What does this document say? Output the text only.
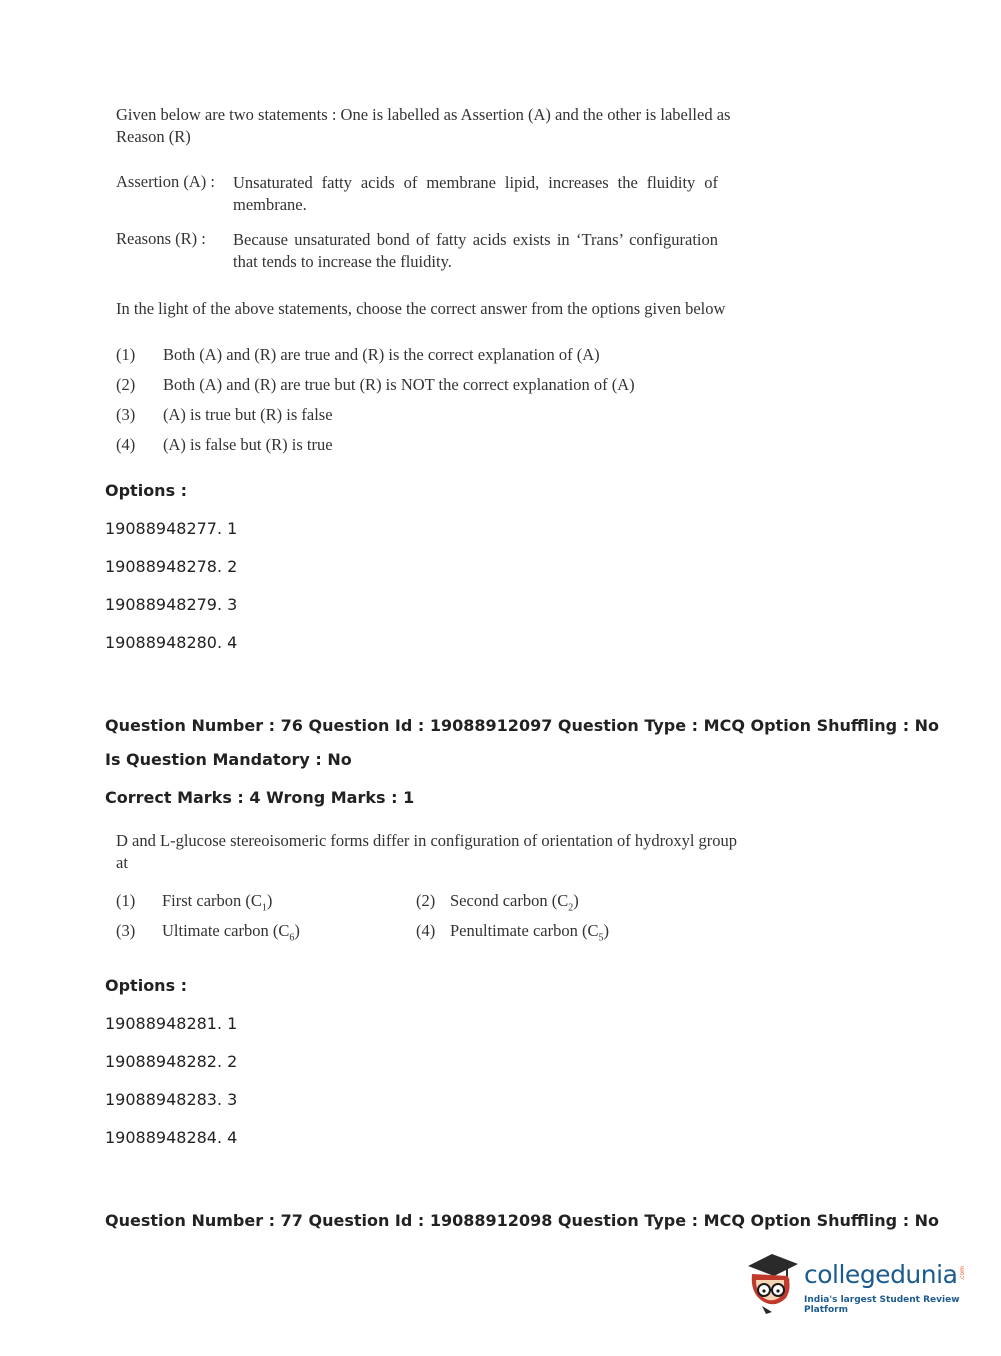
Given below are two statements : One is labelled as Assertion (A) and the other is labelled as
Reason (R)
Assertion (A) : Unsaturated fatty acids of membrane lipid, increases the fluidity of membrane.
Reasons (R) : Because unsaturated bond of fatty acids exists in ‘Trans’ configuration that tends to increase the fluidity.
In the light of the above statements, choose the correct answer from the options given below
(1) Both (A) and (R) are true and (R) is the correct explanation of (A)
(2) Both (A) and (R) are true but (R) is NOT the correct explanation of (A)
(3) (A) is true but (R) is false
(4) (A) is false but (R) is true
Options :
19088948277. 1
19088948278. 2
19088948279. 3
19088948280. 4
Question Number : 76 Question Id : 19088912097 Question Type : MCQ Option Shuffling : No
Is Question Mandatory : No
Correct Marks : 4 Wrong Marks : 1
D and L-glucose stereoisomeric forms differ in configuration of orientation of hydroxyl group
at
(1) First carbon $(C_1)$	(2) Second carbon $(C_2)$
(3) Ultimate carbon $(C_6)$	(4) Penultimate carbon $(C_5)$
Options :
19088948281. 1
19088948282. 2
19088948283. 3
19088948284. 4
Question Number : 77 Question Id : 19088912098 Question Type : MCQ Option Shuffling : No
collegedunia .com
India's largest Student Review Platform
